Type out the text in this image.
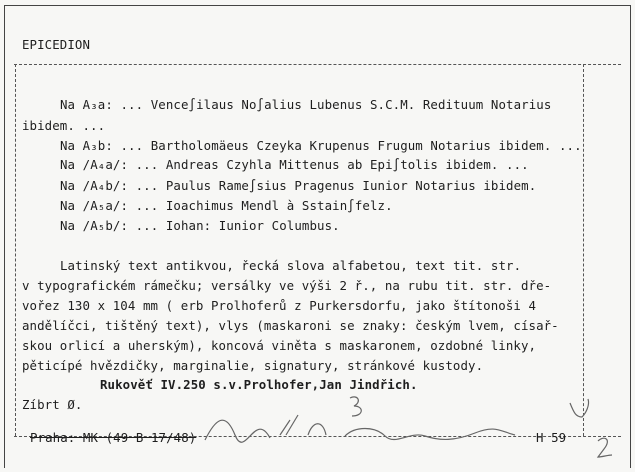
EPICEDION
Na A₃a: ... Vence∫ilaus No∫alius Lubenus S.C.M. Redituum Notarius
ibidem. ...
Na A₃b: ... Bartholomäeus Czeyka Krupenus Frugum Notarius ibidem. ...
Na /A₄a/: ... Andreas Czyhla Mittenus ab Epi∫tolis ibidem. ...
Na /A₄b/: ... Paulus Rame∫sius Pragenus Iunior Notarius ibidem.
Na /A₅a/: ... Ioachimus Mendl à Sstain∫felz.
Na /A₅b/: ... Iohan: Iunior Columbus.
Latinský text antikvou, řecká slova alfabetou, text tit. str.
v typografickém rámečku; versálky ve výši 2 ř., na rubu tit. str. dře-
vořez 130 x 104 mm ( erb Prolhoferů z Purkersdorfu, jako štítonoši 4
andělíčci, tištěný text), vlys (maskaroni se znaky: českým lvem, císař-
skou orlicí a uherským), koncová viněta s maskaronem, ozdobné linky,
pěticípé hvězdičky, marginalie, signatury, stránkové kustody.
Rukověť IV.250 s.v.Prolhofer,Jan Jindřich.
Zíbrt Ø.
Praha: MK (49 B 17/48)	H 59
